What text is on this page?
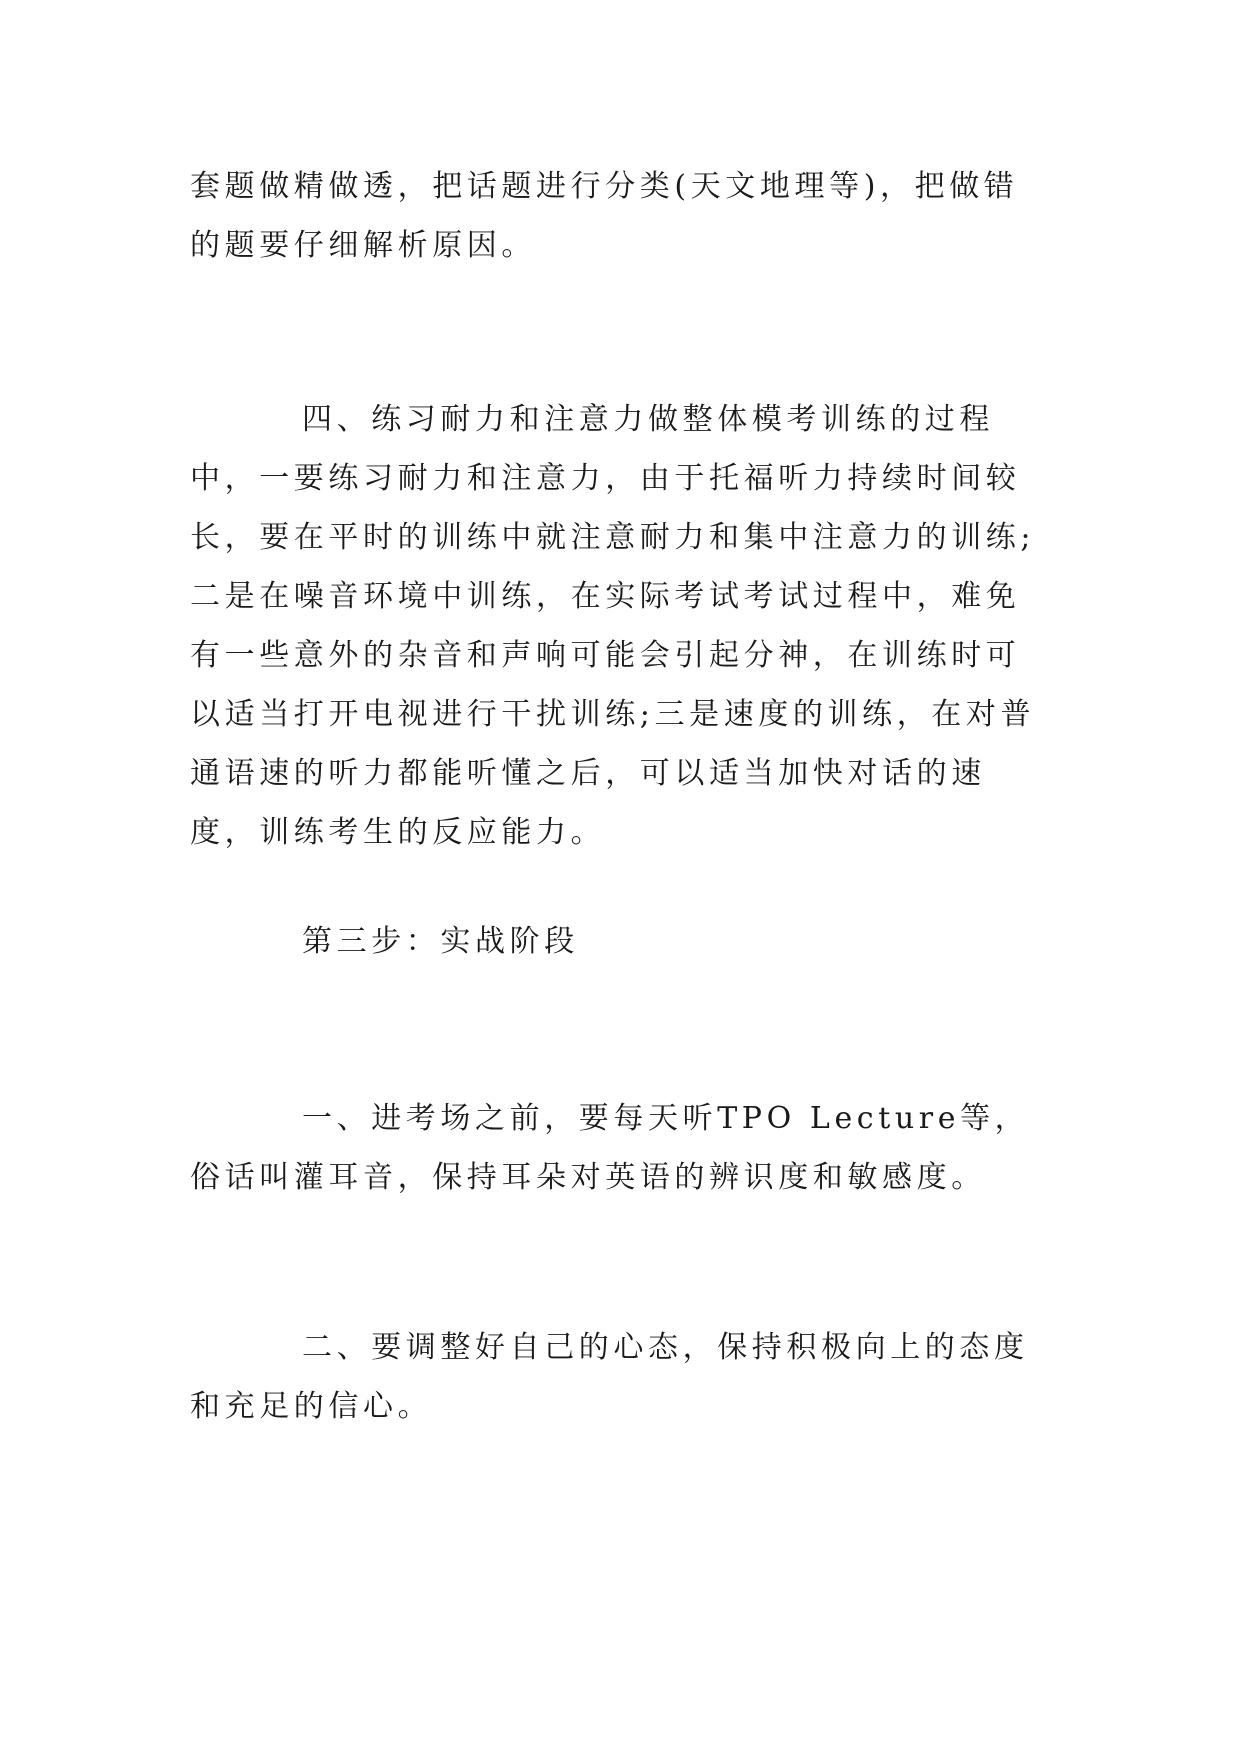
套题做精做透，把话题进行分类(天文地理等)，把做错的题要仔细解析原因。

四、练习耐力和注意力做整体模考训练的过程中，一要练习耐力和注意力，由于托福听力持续时间较长，要在平时的训练中就注意耐力和集中注意力的训练;二是在噪音环境中训练，在实际考试考试过程中，难免有一些意外的杂音和声响可能会引起分神，在训练时可以适当打开电视进行干扰训练;三是速度的训练，在对普通语速的听力都能听懂之后，可以适当加快对话的速度，训练考生的反应能力。

第三步：实战阶段

一、进考场之前，要每天听TPO Lecture等，俗话叫灌耳音，保持耳朵对英语的辨识度和敏感度。

二、要调整好自己的心态，保持积极向上的态度和充足的信心。
